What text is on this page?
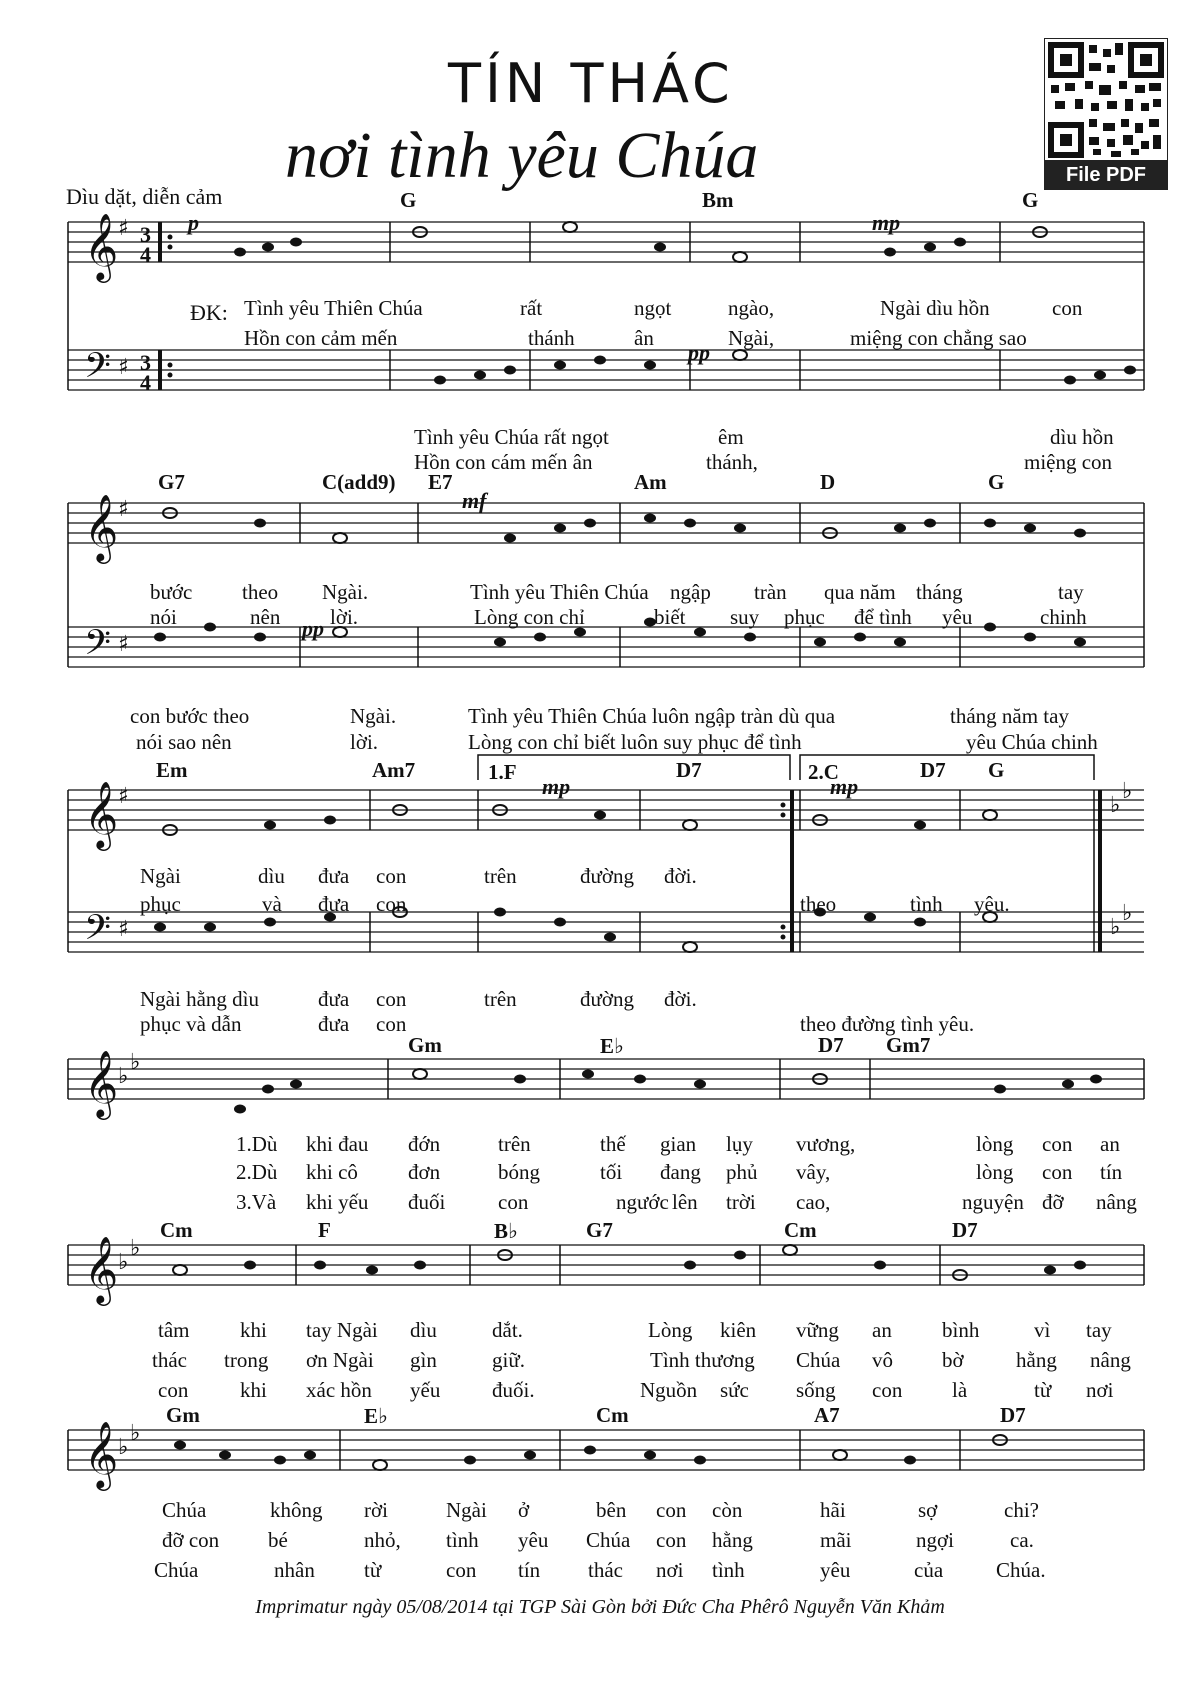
TÍN THÁC
nơi tình yêu Chúa	File PDF
Dìu dặt, diễn cảm
𝄞
𝄢
𝄞
𝄢
𝄞
𝄢
𝄞
𝄞
𝄞
♯
♯
♯
♯
♯
♯
♭
♭
♭
♭
♭
♭
♭
♭
♭
♭
3
4
3
4
G	Bm	G
G7	C(add9) E7	Am	D	G
Em	Am7	1.F	D7	2.C	D7 G
Gm	E♭	D7 Gm7
Cm	F	B♭	G7	Cm	D7
Gm	E♭	Cm	A7	D7
p	mp
pp
mf
pp
mp	mp
ĐK: Tình yêu Thiên Chúa	rất	ngọt	ngào,	Ngài dìu hồn	con
Hồn con cảm mến	thánh	ân	Ngài,	miệng con chẳng sao
Tình yêu Chúa rất ngọt	êm	dìu hồn
Hồn con cám mến ân	thánh,	miệng con
bước theo Ngài.	Tình yêu Thiên Chúa ngập tràn qua năm tháng	tay
nói	nên lời.	Lòng con chỉ	biết suy phục để tình yêu	chinh
con bước theo	Ngài.	Tình yêu Thiên Chúa luôn ngập tràn dù qua	tháng năm tay
nói sao nên	lời.	Lòng con chỉ biết luôn suy phục để tình	yêu Chúa chinh
Ngài	dìu đưa con	trên	đường đời.
phục	và đưa con	theo	tình yêu.
Ngài hằng dìu	đưa con	trên	đường đời.
phục và dẫn	đưa con	theo đường tình yêu.
1.Dù khi đau đớn	trên	thế gian lụy vương,	lòng con an
2.Dù khi cô đơn	bóng	tối đang phủ vây,	lòng con tín
3.Và khi yếu đuối	con	ngước lên trời cao,	nguyện đỡ nâng
tâm khi tay Ngài dìu	dắt.	Lòng kiên vững an bình	vì tay
thác trong ơn Ngài gìn	giữ.	Tình thương Chúa vô bờ hằng nâng
con khi xác hồn yếu đuối.	Nguồn sức sống con là	từ nơi
Chúa	không rời	Ngài ở	bên con còn	hãi	sợ	chi?
đỡ con bé	nhỏ, tình yêu Chúa con hằng	mãi	ngợi	ca.
Chúa	nhân từ	con tín thác nơi tình	yêu	của	Chúa.
Imprimatur ngày 05/08/2014 tại TGP Sài Gòn bởi Đức Cha Phêrô Nguyễn Văn Khảm
